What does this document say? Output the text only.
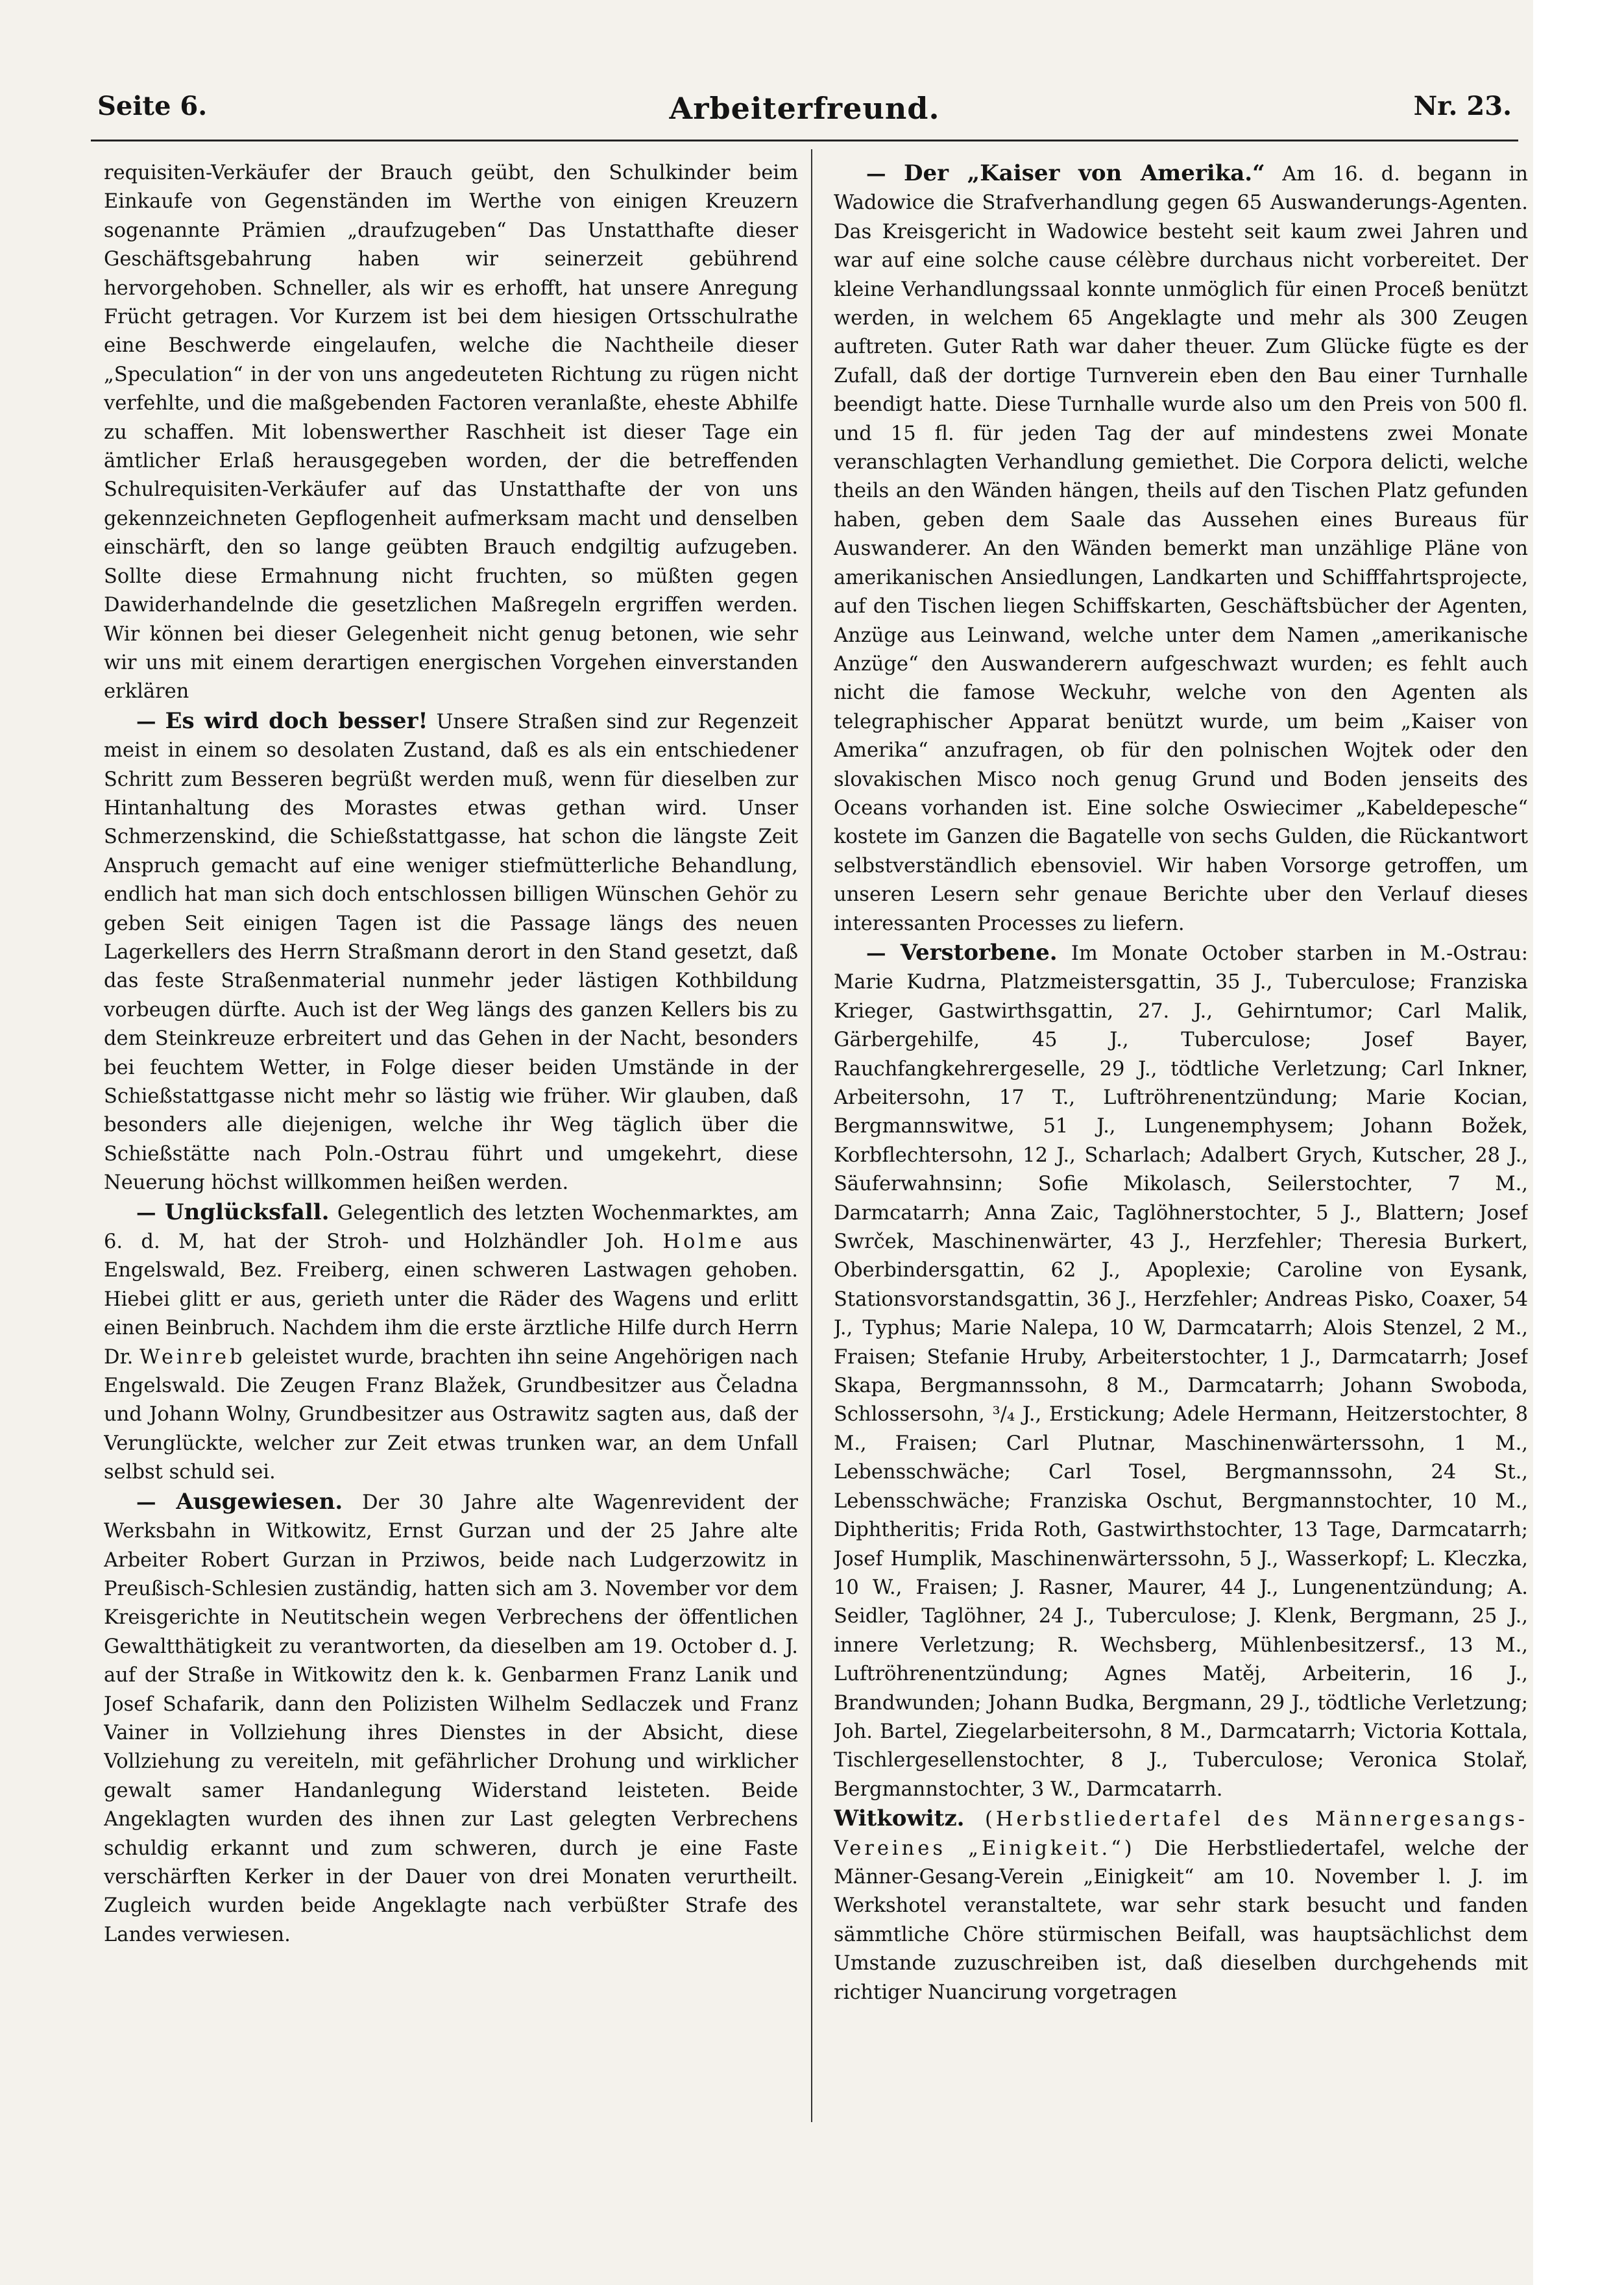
Seite 6.	Arbeiterfreund.	Nr. 23.

requisiten-Verkäufer der Brauch geübt, den Schulkinder beim Einkaufe von Gegenständen im Werthe von einigen Kreuzern sogenannte Prämien „draufzugeben“ Das Unstatthafte dieser Geschäftsgebahrung haben wir seinerzeit gebührend hervorgehoben. Schneller, als wir es erhofft, hat unsere Anregung Frücht getragen. Vor Kurzem ist bei dem hiesigen Ortsschulrathe eine Beschwerde eingelaufen, welche die Nachtheile dieser „Speculation“ in der von uns angedeuteten Richtung zu rügen nicht verfehlte, und die maßgebenden Factoren veranlaßte, eheste Abhilfe zu schaffen. Mit lobenswerther Raschheit ist dieser Tage ein ämtlicher Erlaß herausgegeben worden, der die betreffenden Schulrequisiten-Verkäufer auf das Unstatthafte der von uns gekennzeichneten Gepflogenheit aufmerksam macht und denselben einschärft, den so lange geübten Brauch endgiltig aufzugeben. Sollte diese Ermahnung nicht fruchten, so müßten gegen Dawiderhandelnde die gesetzlichen Maßregeln ergriffen werden. Wir können bei dieser Gelegenheit nicht genug betonen, wie sehr wir uns mit einem derartigen energischen Vorgehen einverstanden erklären

— Es wird doch besser! Unsere Straßen sind zur Regenzeit meist in einem so desolaten Zustand, daß es als ein entschiedener Schritt zum Besseren begrüßt werden muß, wenn für dieselben zur Hintanhaltung des Morastes etwas gethan wird. Unser Schmerzenskind, die Schießstattgasse, hat schon die längste Zeit Anspruch gemacht auf eine weniger stiefmütterliche Behandlung, endlich hat man sich doch entschlossen billigen Wünschen Gehör zu geben Seit einigen Tagen ist die Passage längs des neuen Lagerkellers des Herrn Straßmann derort in den Stand gesetzt, daß das feste Straßenmaterial nunmehr jeder lästigen Kothbildung vorbeugen dürfte. Auch ist der Weg längs des ganzen Kellers bis zu dem Steinkreuze erbreitert und das Gehen in der Nacht, besonders bei feuchtem Wetter, in Folge dieser beiden Umstände in der Schießstattgasse nicht mehr so lästig wie früher. Wir glauben, daß besonders alle diejenigen, welche ihr Weg täglich über die Schießstätte nach Poln.-Ostrau führt und umgekehrt, diese Neuerung höchst willkommen heißen werden.

— Unglücksfall. Gelegentlich des letzten Wochenmarktes, am 6. d. M, hat der Stroh- und Holzhändler Joh. Holme aus Engelswald, Bez. Freiberg, einen schweren Lastwagen gehoben. Hiebei glitt er aus, gerieth unter die Räder des Wagens und erlitt einen Beinbruch. Nachdem ihm die erste ärztliche Hilfe durch Herrn Dr. Weinreb geleistet wurde, brachten ihn seine Angehörigen nach Engelswald. Die Zeugen Franz Blažek, Grundbesitzer aus Čeladna und Johann Wolny, Grundbesitzer aus Ostrawitz sagten aus, daß der Verunglückte, welcher zur Zeit etwas trunken war, an dem Unfall selbst schuld sei.

— Ausgewiesen. Der 30 Jahre alte Wagenrevident der Werksbahn in Witkowitz, Ernst Gurzan und der 25 Jahre alte Arbeiter Robert Gurzan in Prziwos, beide nach Ludgerzowitz in Preußisch-Schlesien zuständig, hatten sich am 3. November vor dem Kreisgerichte in Neutitschein wegen Verbrechens der öffentlichen Gewaltthätigkeit zu verantworten, da dieselben am 19. October d. J. auf der Straße in Witkowitz den k. k. Genbarmen Franz Lanik und Josef Schafarik, dann den Polizisten Wilhelm Sedlaczek und Franz Vainer in Vollziehung ihres Dienstes in der Absicht, diese Vollziehung zu vereiteln, mit gefährlicher Drohung und wirklicher gewalt samer Handanlegung Widerstand leisteten. Beide Angeklagten wurden des ihnen zur Last gelegten Verbrechens schuldig erkannt und zum schweren, durch je eine Faste verschärften Kerker in der Dauer von drei Monaten verurtheilt. Zugleich wurden beide Angeklagte nach verbüßter Strafe des Landes verwiesen.

— Der „Kaiser von Amerika.“ Am 16. d. begann in Wadowice die Strafverhandlung gegen 65 Auswanderungs-Agenten. Das Kreisgericht in Wadowice besteht seit kaum zwei Jahren und war auf eine solche cause célèbre durchaus nicht vorbereitet. Der kleine Verhandlungssaal konnte unmöglich für einen Proceß benützt werden, in welchem 65 Angeklagte und mehr als 300 Zeugen auftreten. Guter Rath war daher theuer. Zum Glücke fügte es der Zufall, daß der dortige Turnverein eben den Bau einer Turnhalle beendigt hatte. Diese Turnhalle wurde also um den Preis von 500 fl. und 15 fl. für jeden Tag der auf mindestens zwei Monate veranschlagten Verhandlung gemiethet. Die Corpora delicti, welche theils an den Wänden hängen, theils auf den Tischen Platz gefunden haben, geben dem Saale das Aussehen eines Bureaus für Auswanderer. An den Wänden bemerkt man unzählige Pläne von amerikanischen Ansiedlungen, Landkarten und Schifffahrtsprojecte, auf den Tischen liegen Schiffskarten, Geschäftsbücher der Agenten, Anzüge aus Leinwand, welche unter dem Namen „amerikanische Anzüge“ den Auswanderern aufgeschwazt wurden; es fehlt auch nicht die famose Weckuhr, welche von den Agenten als telegraphischer Apparat benützt wurde, um beim „Kaiser von Amerika“ anzufragen, ob für den polnischen Wojtek oder den slovakischen Misco noch genug Grund und Boden jenseits des Oceans vorhanden ist. Eine solche Oswiecimer „Kabeldepesche“ kostete im Ganzen die Bagatelle von sechs Gulden, die Rückantwort selbstverständlich ebensoviel. Wir haben Vorsorge getroffen, um unseren Lesern sehr genaue Berichte uber den Verlauf dieses interessanten Processes zu liefern.

— Verstorbene. Im Monate October starben in M.-Ostrau: Marie Kudrna, Platzmeistersgattin, 35 J., Tuberculose; Franziska Krieger, Gastwirthsgattin, 27. J., Gehirntumor; Carl Malik, Gärbergehilfe, 45 J., Tuberculose; Josef Bayer, Rauchfangkehrergeselle, 29 J., tödtliche Verletzung; Carl Inkner, Arbeitersohn, 17 T., Luftröhrenentzündung; Marie Kocian, Bergmannswitwe, 51 J., Lungenemphysem; Johann Božek, Korbflechtersohn, 12 J., Scharlach; Adalbert Grych, Kutscher, 28 J., Säuferwahnsinn; Sofie Mikolasch, Seilerstochter, 7 M., Darmcatarrh; Anna Zaic, Taglöhnerstochter, 5 J., Blattern; Josef Swrček, Maschinenwärter, 43 J., Herzfehler; Theresia Burkert, Oberbindersgattin, 62 J., Apoplexie; Caroline von Eysank, Stationsvorstandsgattin, 36 J., Herzfehler; Andreas Pisko, Coaxer, 54 J., Typhus; Marie Nalepa, 10 W, Darmcatarrh; Alois Stenzel, 2 M., Fraisen; Stefanie Hruby, Arbeiterstochter, 1 J., Darmcatarrh; Josef Skapa, Bergmannssohn, 8 M., Darmcatarrh; Johann Swoboda, Schlossersohn, ³/₄ J., Erstickung; Adele Hermann, Heitzerstochter, 8 M., Fraisen; Carl Plutnar, Maschinenwärterssohn, 1 M., Lebensschwäche; Carl Tosel, Bergmannssohn, 24 St., Lebensschwäche; Franziska Oschut, Bergmannstochter, 10 M., Diphtheritis; Frida Roth, Gastwirthstochter, 13 Tage, Darmcatarrh; Josef Humplik, Maschinenwärterssohn, 5 J., Wasserkopf; L. Kleczka, 10 W., Fraisen; J. Rasner, Maurer, 44 J., Lungenentzündung; A. Seidler, Taglöhner, 24 J., Tuberculose; J. Klenk, Bergmann, 25 J., innere Verletzung; R. Wechsberg, Mühlenbesitzersf., 13 M., Luftröhrenentzündung; Agnes Matěj, Arbeiterin, 16 J., Brandwunden; Johann Budka, Bergmann, 29 J., tödtliche Verletzung; Joh. Bartel, Ziegelarbeitersohn, 8 M., Darmcatarrh; Victoria Kottala, Tischlergesellenstochter, 8 J., Tuberculose; Veronica Stolař, Bergmannstochter, 3 W., Darmcatarrh.

Witkowitz. (Herbstliedertafel des Männergesangs-Vereines „Einigkeit.“) Die Herbstliedertafel, welche der Männer-Gesang-Verein „Einigkeit“ am 10. November l. J. im Werkshotel veranstaltete, war sehr stark besucht und fanden sämmtliche Chöre stürmischen Beifall, was hauptsächlichst dem Umstande zuzuschreiben ist, daß dieselben durchgehends mit richtiger Nuancirung vorgetragen
